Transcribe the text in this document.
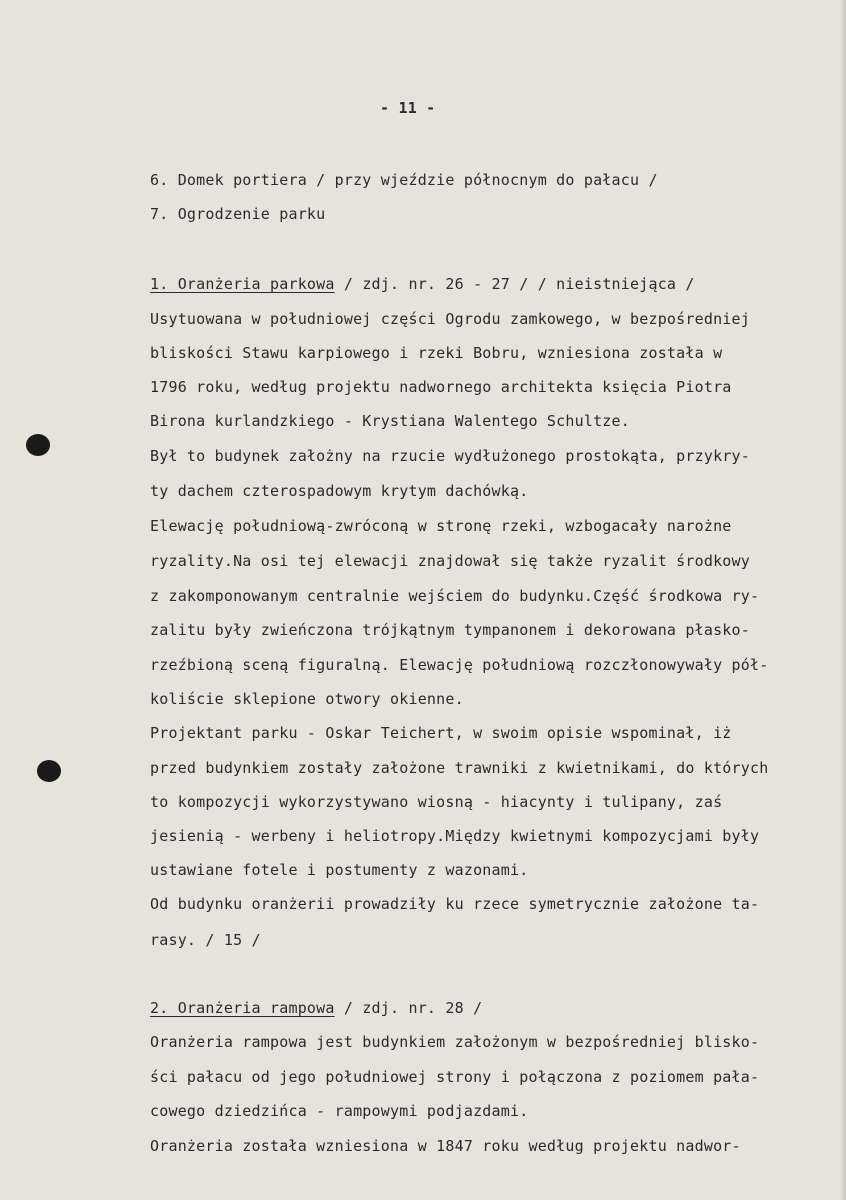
- 11 -
6. Domek portiera / przy wjeździe północnym do pałacu /
7. Ogrodzenie parku
1. Oranżeria parkowa / zdj. nr. 26 - 27 / / nieistniejąca /
Usytuowana w południowej części Ogrodu zamkowego, w bezpośredniej
bliskości Stawu karpiowego i rzeki Bobru, wzniesiona została w
1796 roku, według projektu nadwornego architekta księcia Piotra
Birona kurlandzkiego - Krystiana Walentego Schultze.
Był to budynek założny na rzucie wydłużonego prostokąta, przykry-
ty dachem czterospadowym krytym dachówką.
Elewację południową-zwróconą w stronę rzeki, wzbogacały narożne
ryzality.Na osi tej elewacji znajdował się także ryzalit środkowy
z zakomponowanym centralnie wejściem do budynku.Część środkowa ry-
zalitu były zwieńczona trójkątnym tympanonem i dekorowana płasko-
rzeźbioną sceną figuralną. Elewację południową rozczłonowywały pół-
koliście sklepione otwory okienne.
Projektant parku - Oskar Teichert, w swoim opisie wspominał, iż
przed budynkiem zostały założone trawniki z kwietnikami, do których
to kompozycji wykorzystywano wiosną - hiacynty i tulipany, zaś
jesienią - werbeny i heliotropy.Między kwietnymi kompozycjami były
ustawiane fotele i postumenty z wazonami.
Od budynku oranżerii prowadziły ku rzece symetrycznie założone ta-
rasy. / 15 /
2. Oranżeria rampowa / zdj. nr. 28 /
Oranżeria rampowa jest budynkiem założonym w bezpośredniej blisko-
ści pałacu od jego południowej strony i połączona z poziomem pała-
cowego dziedzińca - rampowymi podjazdami.
Oranżeria została wzniesiona w 1847 roku według projektu nadwor-
